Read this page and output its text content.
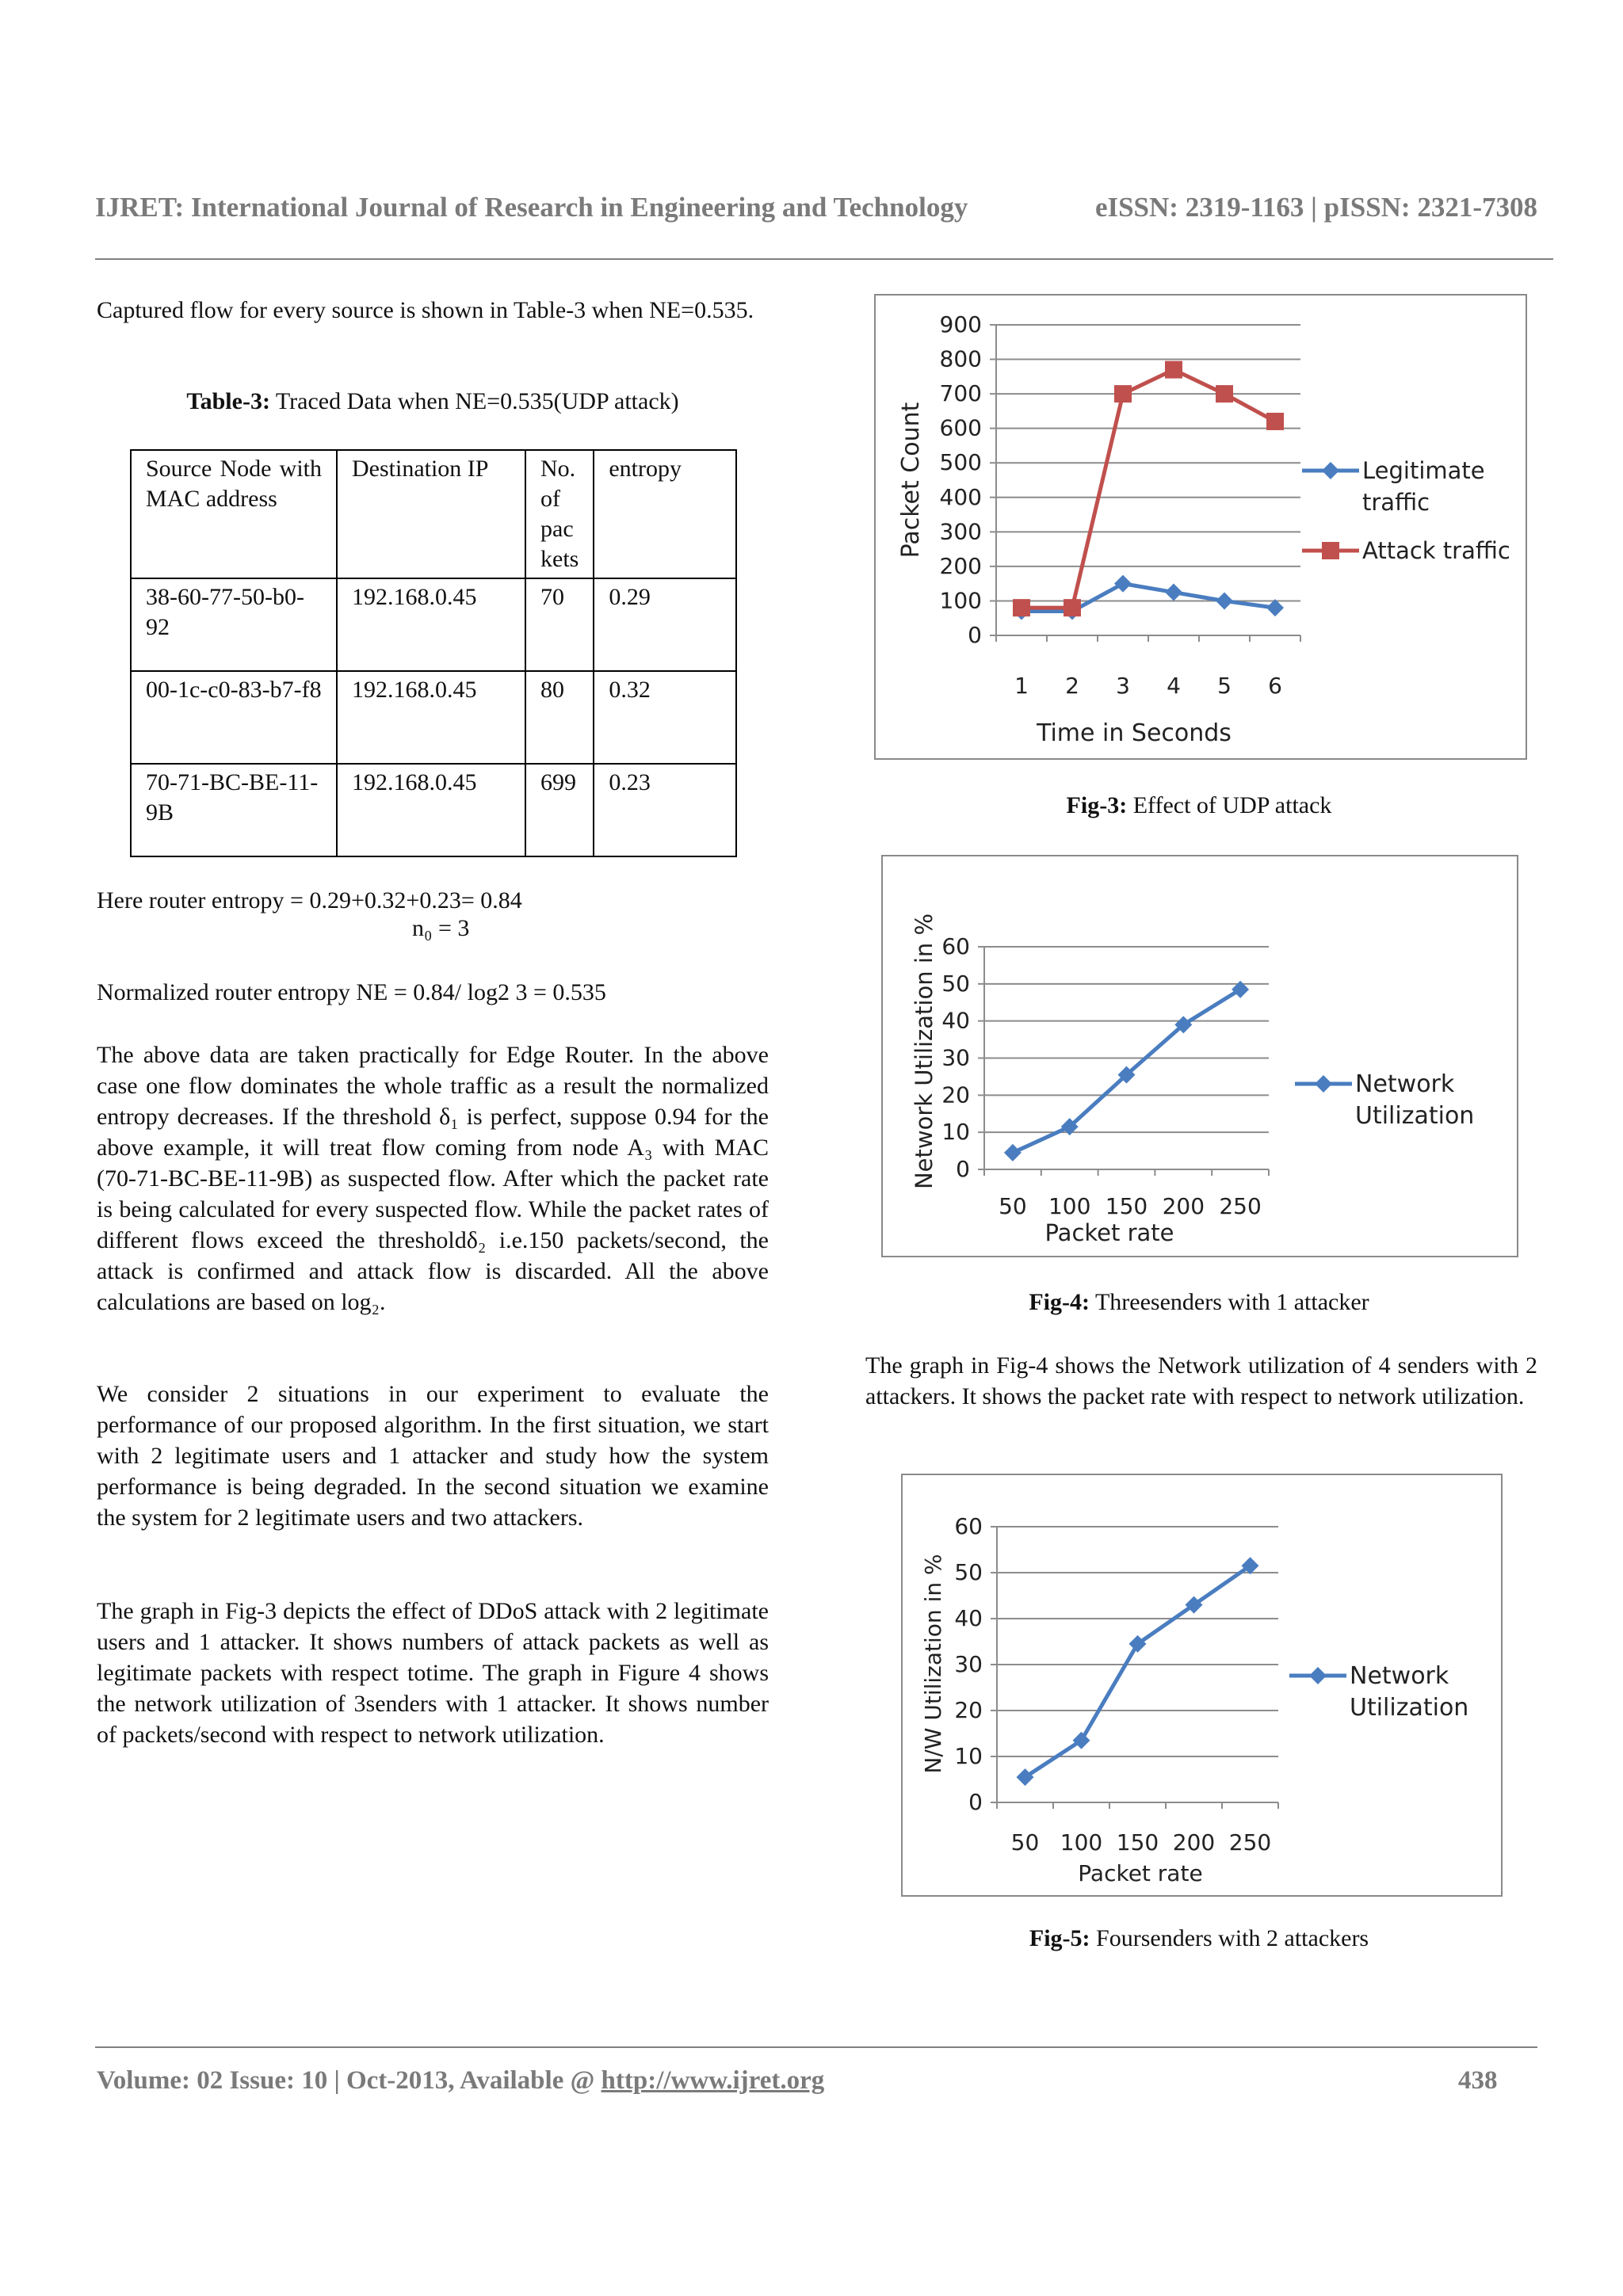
IJRET: International Journal of Research in Engineering and Technology	eISSN: 2319-1163 | pISSN: 2321-7308
Captured flow for every source is shown in Table-3 when NE=0.535.
Table-3: Traced Data when NE=0.535(UDP attack)
Source Node with MAC address	Destination IP	No. of pac kets	entropy
38-60-77-50-b0-92	192.168.0.45	70	0.29
00-1c-c0-83-b7-f8	192.168.0.45	80	0.32
70-71-BC-BE-11-9B	192.168.0.45	699	0.23
Here router entropy = 0.29+0.32+0.23= 0.84
n₀ = 3
Normalized router entropy NE = 0.84/ log2 3 = 0.535
The above data are taken practically for Edge Router. In the above case one flow dominates the whole traffic as a result the normalized entropy decreases. If the threshold δ₁ is perfect, suppose 0.94 for the above example, it will treat flow coming from node A₃ with MAC (70-71-BC-BE-11-9B) as suspected flow. After which the packet rate is being calculated for every suspected flow. While the packet rates of different flows exceed the thresholdδ₂ i.e.150 packets/second, the attack is confirmed and attack flow is discarded. All the above calculations are based on log₂.
We consider 2 situations in our experiment to evaluate the performance of our proposed algorithm. In the first situation, we start with 2 legitimate users and 1 attacker and study how the system performance is being degraded. In the second situation we examine the system for 2 legitimate users and two attackers.
The graph in Fig-3 depicts the effect of DDoS attack with 2 legitimate users and 1 attacker. It shows numbers of attack packets as well as legitimate packets with respect totime. The graph in Figure 4 shows the network utilization of 3senders with 1 attacker. It shows number of packets/second with respect to network utilization.
0
100
200
300
400
500
600
700
800
900
1 2 3 4 5 6
Time in Seconds
Packet Count	Legitimate
traffic
Attack traffic
Fig-3: Effect of UDP attack
0
10
20
30
40
50
60
50 100 150 200 250
Packet rate
Network Utilization in %	Network
Utilization
Fig-4: Threesenders with 1 attacker
The graph in Fig-4 shows the Network utilization of 4 senders with 2 attackers. It shows the packet rate with respect to network utilization.
0
10
20
30
40
50
60
50 100 150 200 250
Packet rate
N/W Utilization in %	Network
Utilization
Fig-5: Foursenders with 2 attackers
Volume: 02 Issue: 10 | Oct-2013, Available @ http://www.ijret.org	438
